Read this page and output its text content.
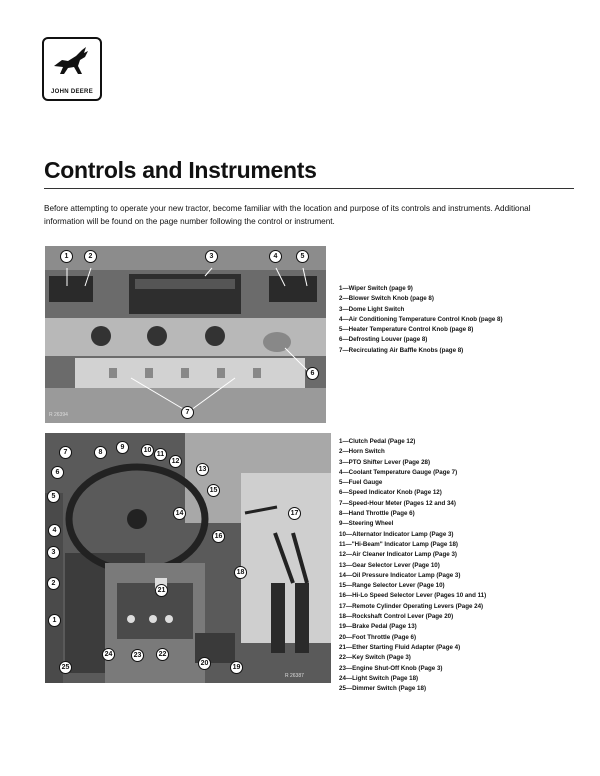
JOHN DEERE
Controls and Instruments

Before attempting to operate your new tractor, become familiar with the location and purpose of its controls and instruments. Additional information will be found on the page number following the control or instrument.

1	2	3	4	5
6
7
R 26394
1—Wiper Switch (page 9)
2—Blower Switch Knob (page 8)
3—Dome Light Switch
4—Air Conditioning Temperature Control Knob (page 8)
5—Heater Temperature Control Knob (page 8)
6—Defrosting Louver (page 8)
7—Recirculating Air Baffle Knobs (page 8)
7	8
9	10
11
12
13
6
15
5
14	17
4
16
3
18
2
21
1
24	23	22
25
20
19
R 26387
1—Clutch Pedal (Page 12)
2—Horn Switch
3—PTO Shifter Lever (Page 28)
4—Coolant Temperature Gauge (Page 7)
5—Fuel Gauge
6—Speed Indicator Knob (Page 12)
7—Speed-Hour Meter (Pages 12 and 34)
8—Hand Throttle (Page 6)
9—Steering Wheel
10—Alternator Indicator Lamp (Page 3)
11—"Hi-Beam" Indicator Lamp (Page 18)
12—Air Cleaner Indicator Lamp (Page 3)
13—Gear Selector Lever (Page 10)
14—Oil Pressure Indicator Lamp (Page 3)
15—Range Selector Lever (Page 10)
16—Hi-Lo Speed Selector Lever (Pages 10 and 11)
17—Remote Cylinder Operating Levers (Page 24)
18—Rockshaft Control Lever (Page 20)
19—Brake Pedal (Page 13)
20—Foot Throttle (Page 6)
21—Ether Starting Fluid Adapter (Page 4)
22—Key Switch (Page 3)
23—Engine Shut-Off Knob (Page 3)
24—Light Switch (Page 18)
25—Dimmer Switch (Page 18)
